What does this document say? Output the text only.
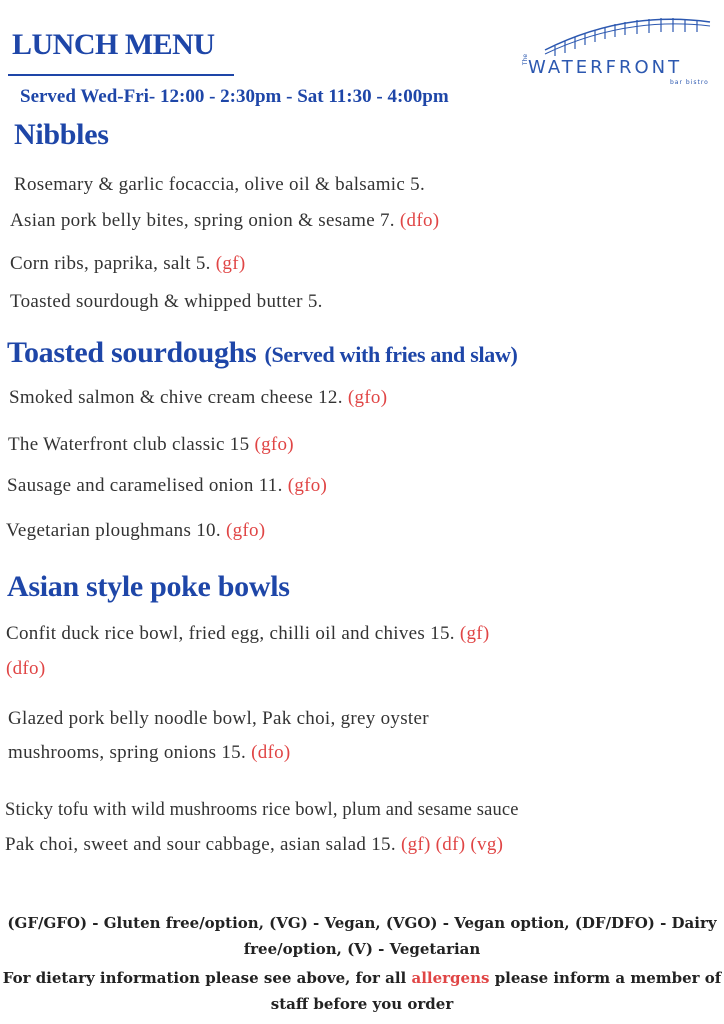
LUNCH MENU
Served Wed-Fri- 12:00 - 2:30pm - Sat 11:30 - 4:00pm
The
WATERFRONT
bar bistro
Nibbles
Rosemary & garlic focaccia, olive oil & balsamic 5.
Asian pork belly bites, spring onion & sesame 7. (dfo)
Corn ribs, paprika, salt 5. (gf)
Toasted sourdough & whipped butter 5.
Toasted sourdoughs (Served with fries and slaw)
Smoked salmon & chive cream cheese 12. (gfo)
The Waterfront club classic 15 (gfo)
Sausage and caramelised onion 11. (gfo)
Vegetarian ploughmans 10. (gfo)
Asian style poke bowls
Confit duck rice bowl, fried egg, chilli oil and chives 15. (gf)
(dfo)
Glazed pork belly noodle bowl, Pak choi, grey oyster
mushrooms, spring onions 15. (dfo)
Sticky tofu with wild mushrooms rice bowl, plum and sesame sauce
Pak choi, sweet and sour cabbage, asian salad 15. (gf) (df) (vg)
(GF/GFO) - Gluten free/option, (VG) - Vegan, (VGO) - Vegan option, (DF/DFO) - Dairy
free/option, (V) - Vegetarian
For dietary information please see above, for all allergens please inform a member of
staff before you order
